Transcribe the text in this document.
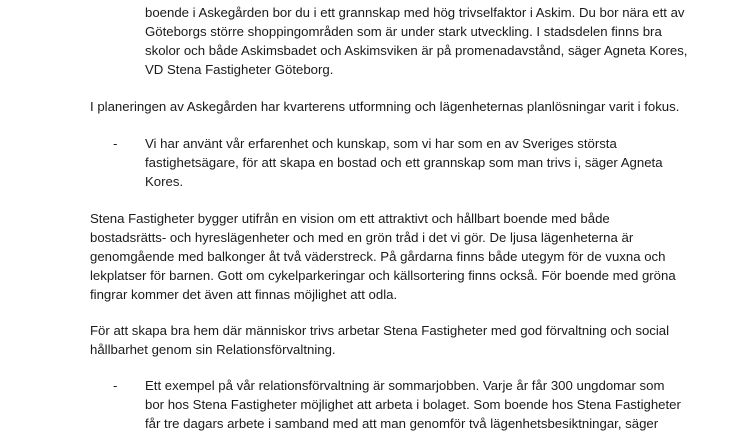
boende i Askegården bor du i ett grannskap med hög trivselfaktor i Askim. Du bor nära ett av
Göteborgs större shoppingområden som är under stark utveckling. I stadsdelen finns bra
skolor och både Askimsbadet och Askimsviken är på promenadavstånd, säger Agneta Kores,
VD Stena Fastigheter Göteborg.
I planeringen av Askegården har kvarterens utformning och lägenheternas planlösningar varit i fokus.
- Vi har använt vår erfarenhet och kunskap, som vi har som en av Sveriges största
fastighetsägare, för att skapa en bostad och ett grannskap som man trivs i, säger Agneta
Kores.
Stena Fastigheter bygger utifrån en vision om ett attraktivt och hållbart boende med både
bostadsrätts- och hyreslägenheter och med en grön tråd i det vi gör. De ljusa lägenheterna är
genomgående med balkonger åt två väderstreck. På gårdarna finns både utegym för de vuxna och
lekplatser för barnen. Gott om cykelparkeringar och källsortering finns också. För boende med gröna
fingrar kommer det även att finnas möjlighet att odla.
För att skapa bra hem där människor trivs arbetar Stena Fastigheter med god förvaltning och social
hållbarhet genom sin Relationsförvaltning.
- Ett exempel på vår relationsförvaltning är sommarjobben. Varje år får 300 ungdomar som
bor hos Stena Fastigheter möjlighet att arbeta i bolaget. Som boende hos Stena Fastigheter
får tre dagars arbete i samband med att man genomför två lägenhetsbesiktningar, säger
